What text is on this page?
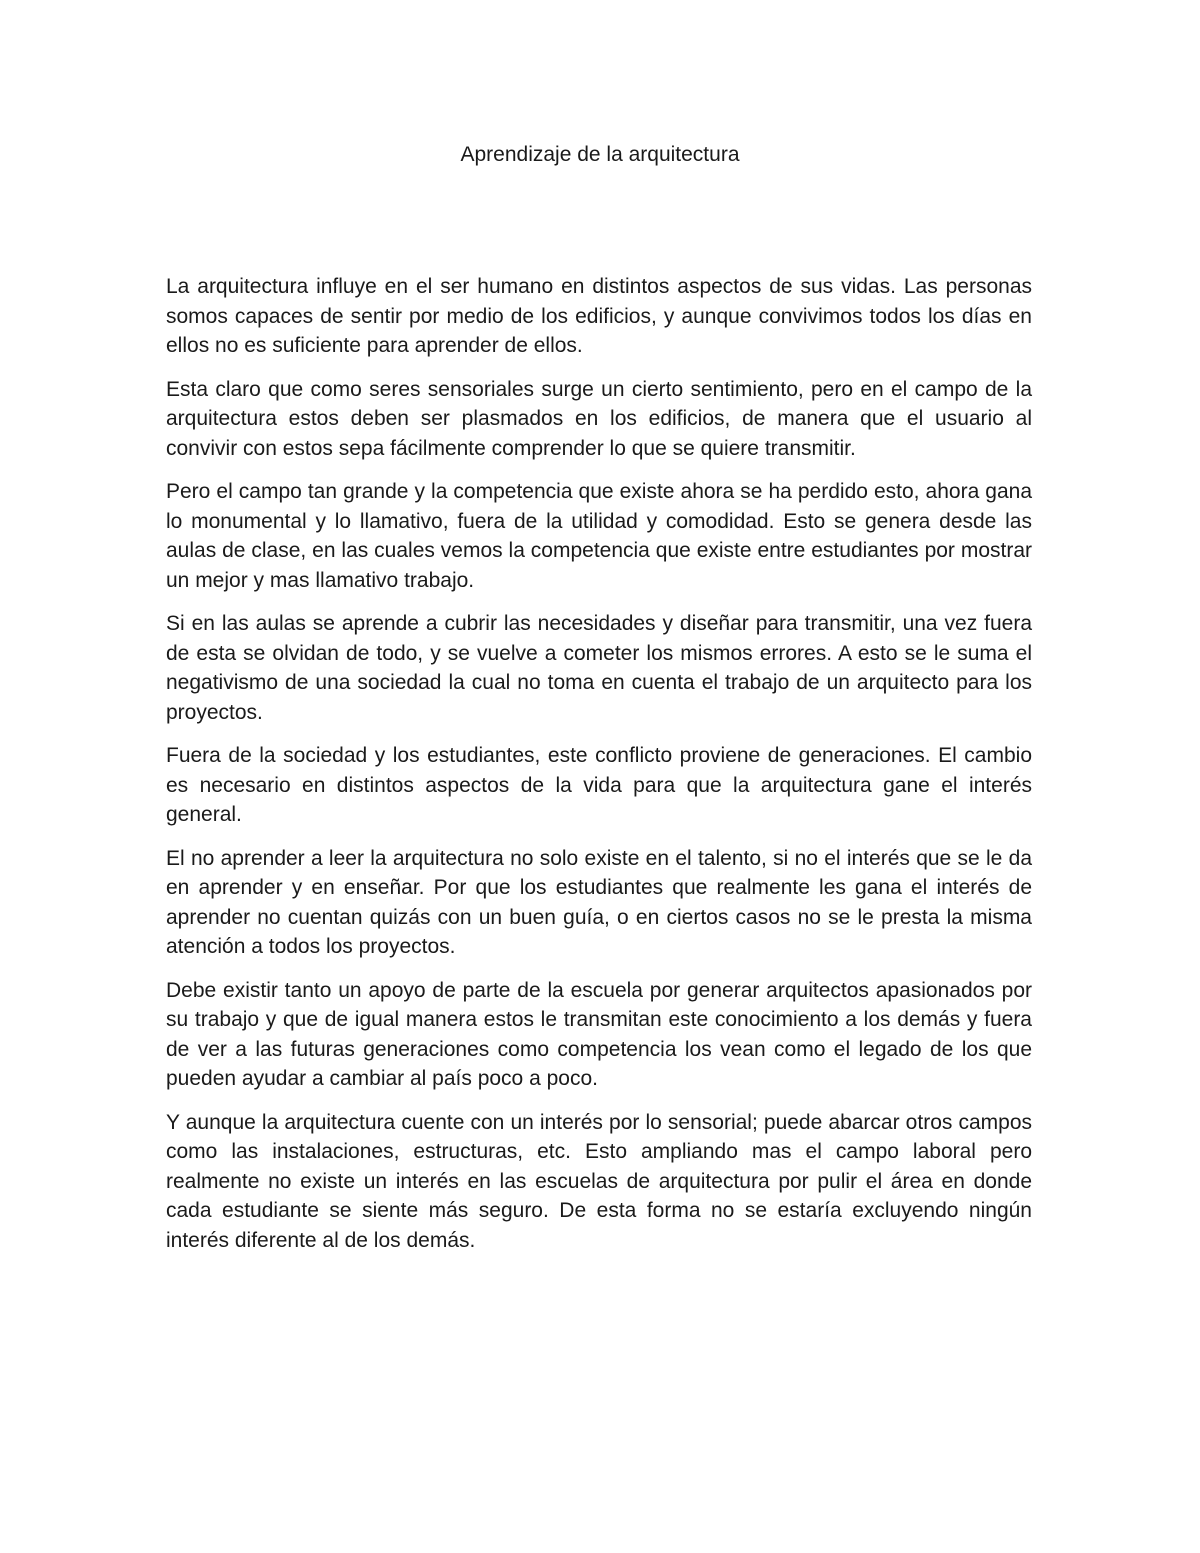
Aprendizaje de la arquitectura

La arquitectura influye en el ser humano en distintos aspectos de sus vidas. Las personas somos capaces de sentir por medio de los edificios, y aunque convivimos todos los días en ellos no es suficiente para aprender de ellos.

Esta claro que como seres sensoriales surge un cierto sentimiento, pero en el campo de la arquitectura estos deben ser plasmados en los edificios, de manera que el usuario al convivir con estos sepa fácilmente comprender lo que se quiere transmitir.

Pero el campo tan grande y la competencia que existe ahora se ha perdido esto, ahora gana lo monumental y lo llamativo, fuera de la utilidad y comodidad. Esto se genera desde las aulas de clase, en las cuales vemos la competencia que existe entre estudiantes por mostrar un mejor y mas llamativo trabajo.

Si en las aulas se aprende a cubrir las necesidades y diseñar para transmitir, una vez fuera de esta se olvidan de todo, y se vuelve a cometer los mismos errores. A esto se le suma el negativismo de una sociedad la cual no toma en cuenta el trabajo de un arquitecto para los proyectos.

Fuera de la sociedad y los estudiantes, este conflicto proviene de generaciones. El cambio es necesario en distintos aspectos de la vida para que la arquitectura gane el interés general.

El no aprender a leer la arquitectura no solo existe en el talento, si no el interés que se le da en aprender y en enseñar. Por que los estudiantes que realmente les gana el interés de aprender no cuentan quizás con un buen guía, o en ciertos casos no se le presta la misma atención a todos los proyectos.

Debe existir tanto un apoyo de parte de la escuela por generar arquitectos apasionados por su trabajo y que de igual manera estos le transmitan este conocimiento a los demás y fuera de ver a las futuras generaciones como competencia los vean como el legado de los que pueden ayudar a cambiar al país poco a poco.

Y aunque la arquitectura cuente con un interés por lo sensorial; puede abarcar otros campos como las instalaciones, estructuras, etc. Esto ampliando mas el campo laboral pero realmente no existe un interés en las escuelas de arquitectura por pulir el área en donde cada estudiante se siente más seguro. De esta forma no se estaría excluyendo ningún interés diferente al de los demás.
